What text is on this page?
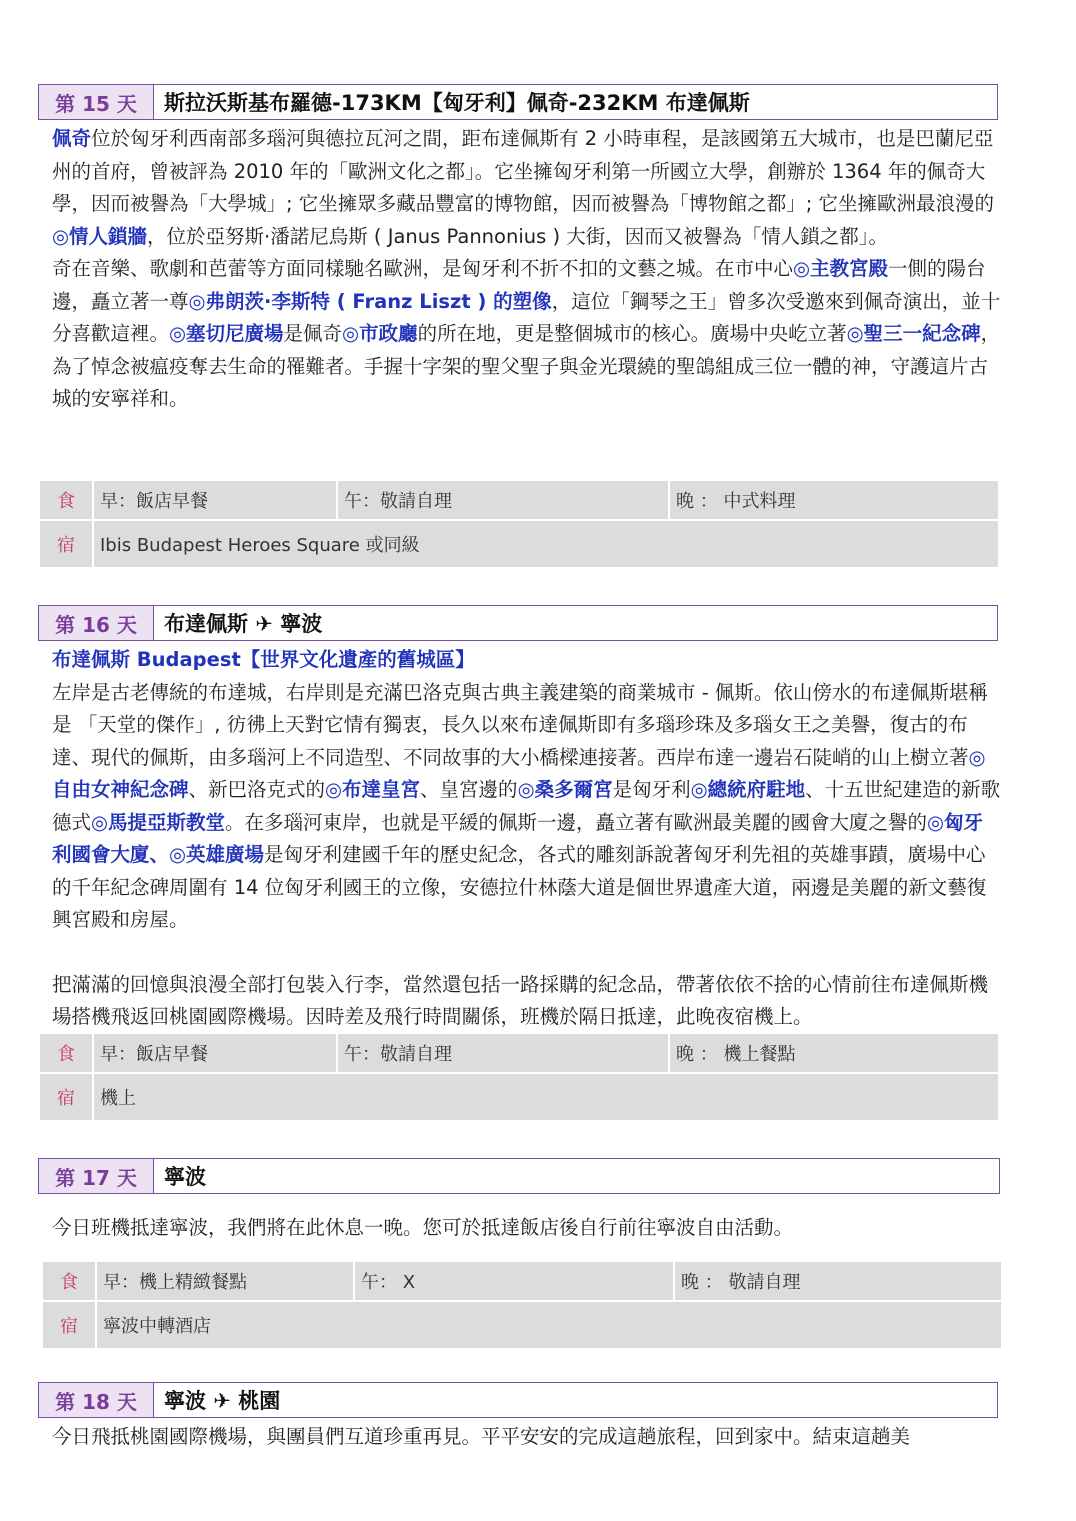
第 15 天	斯拉沃斯基布羅德-173KM【匈牙利】佩奇-232KM 布達佩斯

佩奇位於匈牙利西南部多瑙河與德拉瓦河之間，距布達佩斯有 2 小時車程，是該國第五大城市，也是巴蘭尼亞州的首府，曾被評為 2010 年的「歐洲文化之都」。它坐擁匈牙利第一所國立大學，創辦於 1364 年的佩奇大學，因而被譽為「大學城」; 它坐擁眾多藏品豐富的博物館，因而被譽為「博物館之都」; 它坐擁歐洲最浪漫的◎情人鎖牆，位於亞努斯·潘諾尼烏斯 ( Janus Pannonius ) 大街，因而又被譽為「情人鎖之都」。

奇在音樂、歌劇和芭蕾等方面同樣馳名歐洲，是匈牙利不折不扣的文藝之城。在市中心◎主教宮殿一側的陽台邊，矗立著一尊◎弗朗茨·李斯特 ( Franz Liszt ) 的塑像，這位「鋼琴之王」曾多次受邀來到佩奇演出，並十分喜歡這裡。◎塞切尼廣場是佩奇◎市政廳的所在地，更是整個城市的核心。廣場中央屹立著◎聖三一紀念碑，為了悼念被瘟疫奪去生命的罹難者。手握十字架的聖父聖子與金光環繞的聖鴿組成三位一體的神，守護這片古城的安寧祥和。

食	早：飯店早餐	午：敬請自理	晚 ： 中式料理
宿	Ibis Budapest Heroes Square 或同級		
第 16 天	布達佩斯 ✈ 寧波

布達佩斯 Budapest【世界文化遺產的舊城區】

左岸是古老傳統的布達城，右岸則是充滿巴洛克與古典主義建築的商業城市 - 佩斯。依山傍水的布達佩斯堪稱是 「天堂的傑作」, 彷彿上天對它情有獨衷，長久以來布達佩斯即有多瑙珍珠及多瑙女王之美譽，復古的布達、現代的佩斯，由多瑙河上不同造型、不同故事的大小橋樑連接著。西岸布達一邊岩石陡峭的山上樹立著◎自由女神紀念碑、新巴洛克式的◎布達皇宮、皇宮邊的◎桑多爾宮是匈牙利◎總統府駐地、十五世紀建造的新歌德式◎馬提亞斯教堂。在多瑙河東岸，也就是平緩的佩斯一邊，矗立著有歐洲最美麗的國會大廈之譽的◎匈牙利國會大廈、◎英雄廣場是匈牙利建國千年的歷史紀念，各式的雕刻訴說著匈牙利先祖的英雄事蹟，廣場中心的千年紀念碑周圍有 14 位匈牙利國王的立像，安德拉什林蔭大道是個世界遺產大道，兩邊是美麗的新文藝復興宮殿和房屋。

把滿滿的回憶與浪漫全部打包裝入行李，當然還包括一路採購的紀念品，帶著依依不捨的心情前往布達佩斯機場搭機飛返回桃園國際機場。因時差及飛行時間關係，班機於隔日抵達，此晚夜宿機上。

食	早：飯店早餐	午：敬請自理	晚 ： 機上餐點
宿	機上		
第 17 天	寧波

今日班機抵達寧波，我們將在此休息一晚。您可於抵達飯店後自行前往寧波自由活動。

食	早：機上精緻餐點	午： X	晚 ： 敬請自理
宿	寧波中轉酒店		
第 18 天	寧波 ✈ 桃園

今日飛抵桃園國際機場，與團員們互道珍重再見。平平安安的完成這趟旅程，回到家中。結束這趟美
